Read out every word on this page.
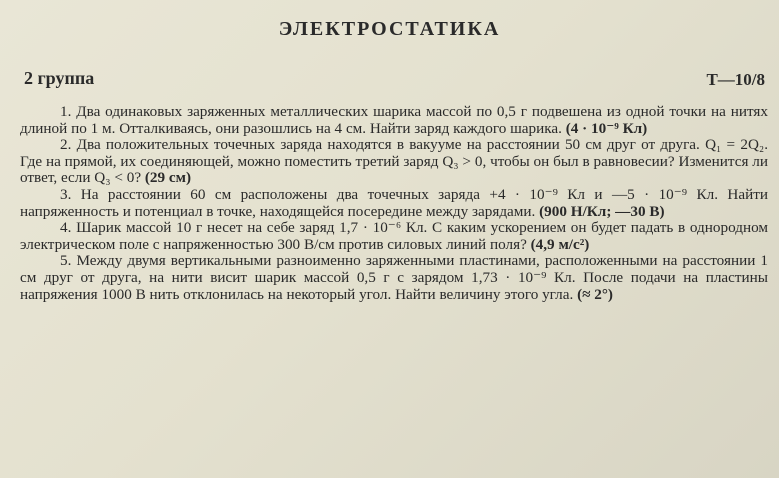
ЭЛЕКТРОСТАТИКА
2 группа	Т—10/8

1. Два одинаковых заряженных металлических шарика массой по 0,5 г подвешена из одной точки на нитях длиной по 1 м. Отталкиваясь, они разошлись на 4 см. Найти заряд каждого шарика. (4 · 10⁻⁹ Кл)

2. Два положительных точечных заряда находятся в вакууме на расстоянии 50 см друг от друга. Q₁ = 2Q₂. Где на прямой, их соединяющей, можно поместить третий заряд Q₃ > 0, чтобы он был в равновесии? Изменится ли ответ, если Q₃ < 0? (29 см)

3. На расстоянии 60 см расположены два точечных заряда +4 · 10⁻⁹ Кл и —5 · 10⁻⁹ Кл. Найти напряженность и потенциал в точке, находящейся посередине между зарядами. (900 Н/Кл; —30 В)

4. Шарик массой 10 г несет на себе заряд 1,7 · 10⁻⁶ Кл. С каким ускорением он будет падать в однородном электрическом поле с напряженностью 300 В/см против силовых линий поля? (4,9 м/с²)

5. Между двумя вертикальными разноименно заряженными пластинами, расположенными на расстоянии 1 см друг от друга, на нити висит шарик массой 0,5 г с зарядом 1,73 · 10⁻⁹ Кл. После подачи на пластины напряжения 1000 В нить отклонилась на некоторый угол. Найти величину этого угла. (≈ 2°)
